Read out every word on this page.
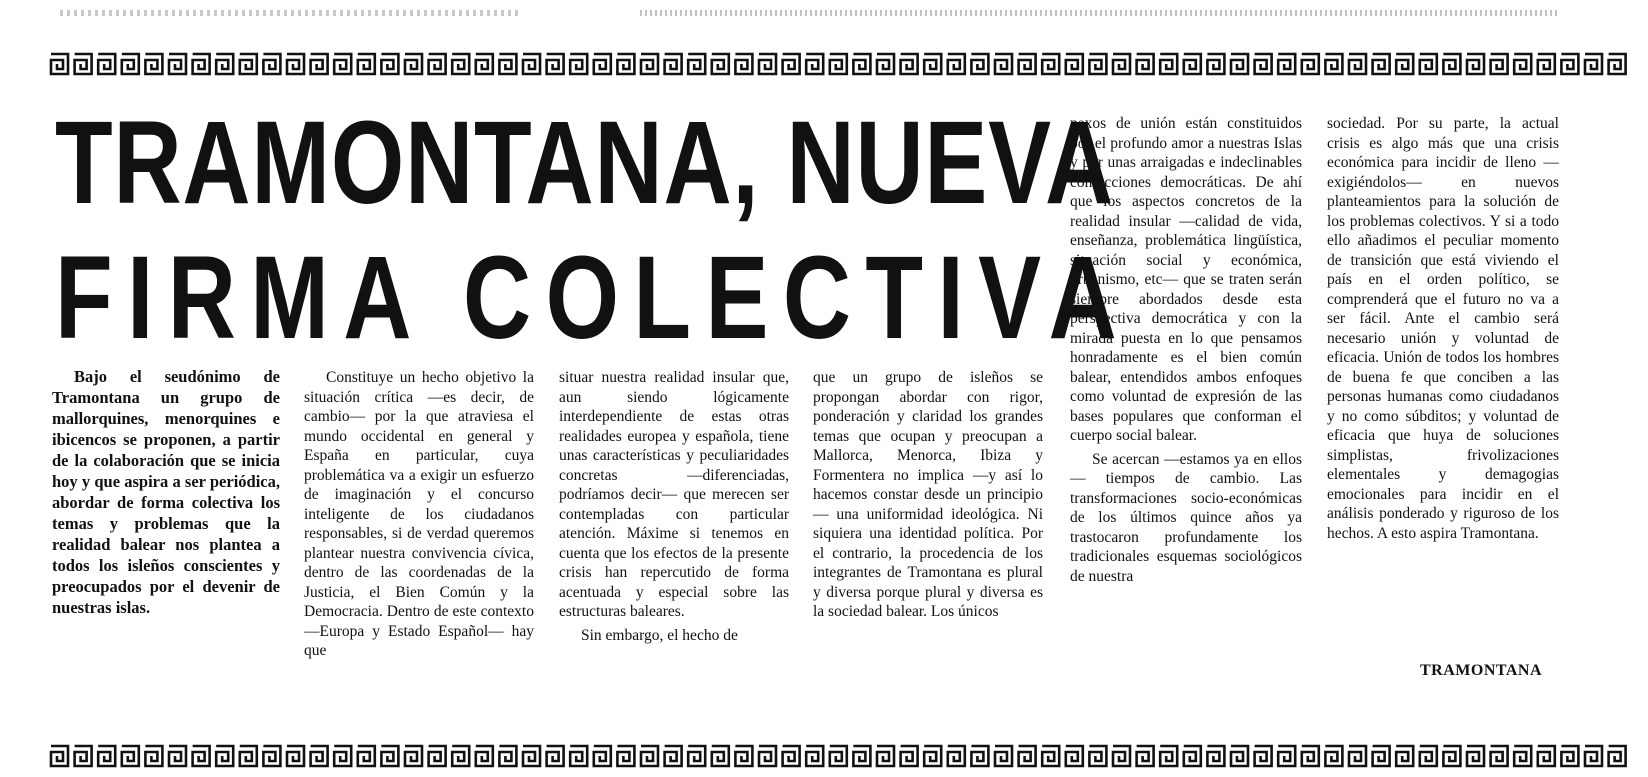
TRAMONTANA, NUEVA
FIRMA COLECTIVA

Bajo el seudónimo de Tramontana un grupo de mallorquines, menorquines e ibicencos se proponen, a partir de la colaboración que se inicia hoy y que aspira a ser periódica, abordar de forma colectiva los temas y problemas que la realidad balear nos plantea a todos los isleños conscientes y preocupados por el devenir de nuestras islas.

Constituye un hecho objetivo la situación crítica —es decir, de cambio— por la que atraviesa el mundo occidental en general y España en particular, cuya problemática va a exigir un esfuerzo de imaginación y el concurso inteligente de los ciudadanos responsables, si de verdad queremos plantear nuestra convivencia cívica, dentro de las coordenadas de la Justicia, el Bien Común y la Democracia. Dentro de este contexto —Europa y Estado Español— hay que

situar nuestra realidad insular que, aun siendo lógicamente interdependiente de estas otras realidades europea y española, tiene unas características y peculiaridades concretas —diferenciadas, podríamos decir— que merecen ser contempladas con particular atención. Máxime si tenemos en cuenta que los efectos de la presente crisis han repercutido de forma acentuada y especial sobre las estructuras baleares.

Sin embargo, el hecho de

que un grupo de isleños se propongan abordar con rigor, ponderación y claridad los grandes temas que ocupan y preocupan a Mallorca, Menorca, Ibiza y Formentera no implica —y así lo hacemos constar desde un principio— una uniformidad ideológica. Ni siquiera una identidad política. Por el contrario, la procedencia de los integrantes de Tramontana es plural y diversa porque plural y diversa es la sociedad balear. Los únicos

nexos de unión están constituidos por el profundo amor a nuestras Islas y por unas arraigadas e indeclinables convicciones democráticas. De ahí que los aspectos concretos de la realidad insular —calidad de vida, enseñanza, problemática lingüística, situación social y económica, urbanismo, etc— que se traten serán siempre abordados desde esta perspectiva democrática y con la mirada puesta en lo que pensamos honradamente es el bien común balear, entendidos ambos enfoques como voluntad de expresión de las bases populares que conforman el cuerpo social balear.

Se acercan —estamos ya en ellos— tiempos de cambio. Las transformaciones socio-económicas de los últimos quince años ya trastocaron profundamente los tradicionales esquemas sociológicos de nuestra

sociedad. Por su parte, la actual crisis es algo más que una crisis económica para incidir de lleno —exigiéndolos— en nuevos planteamientos para la solución de los problemas colectivos. Y si a todo ello añadimos el peculiar momento de transición que está viviendo el país en el orden político, se comprenderá que el futuro no va a ser fácil. Ante el cambio será necesario unión y voluntad de eficacia. Unión de todos los hombres de buena fe que conciben a las personas humanas como ciudadanos y no como súbditos; y voluntad de eficacia que huya de soluciones simplistas, frivolizaciones elementales y demagogias emocionales para incidir en el análisis ponderado y riguroso de los hechos. A esto aspira Tramontana.

TRAMONTANA
